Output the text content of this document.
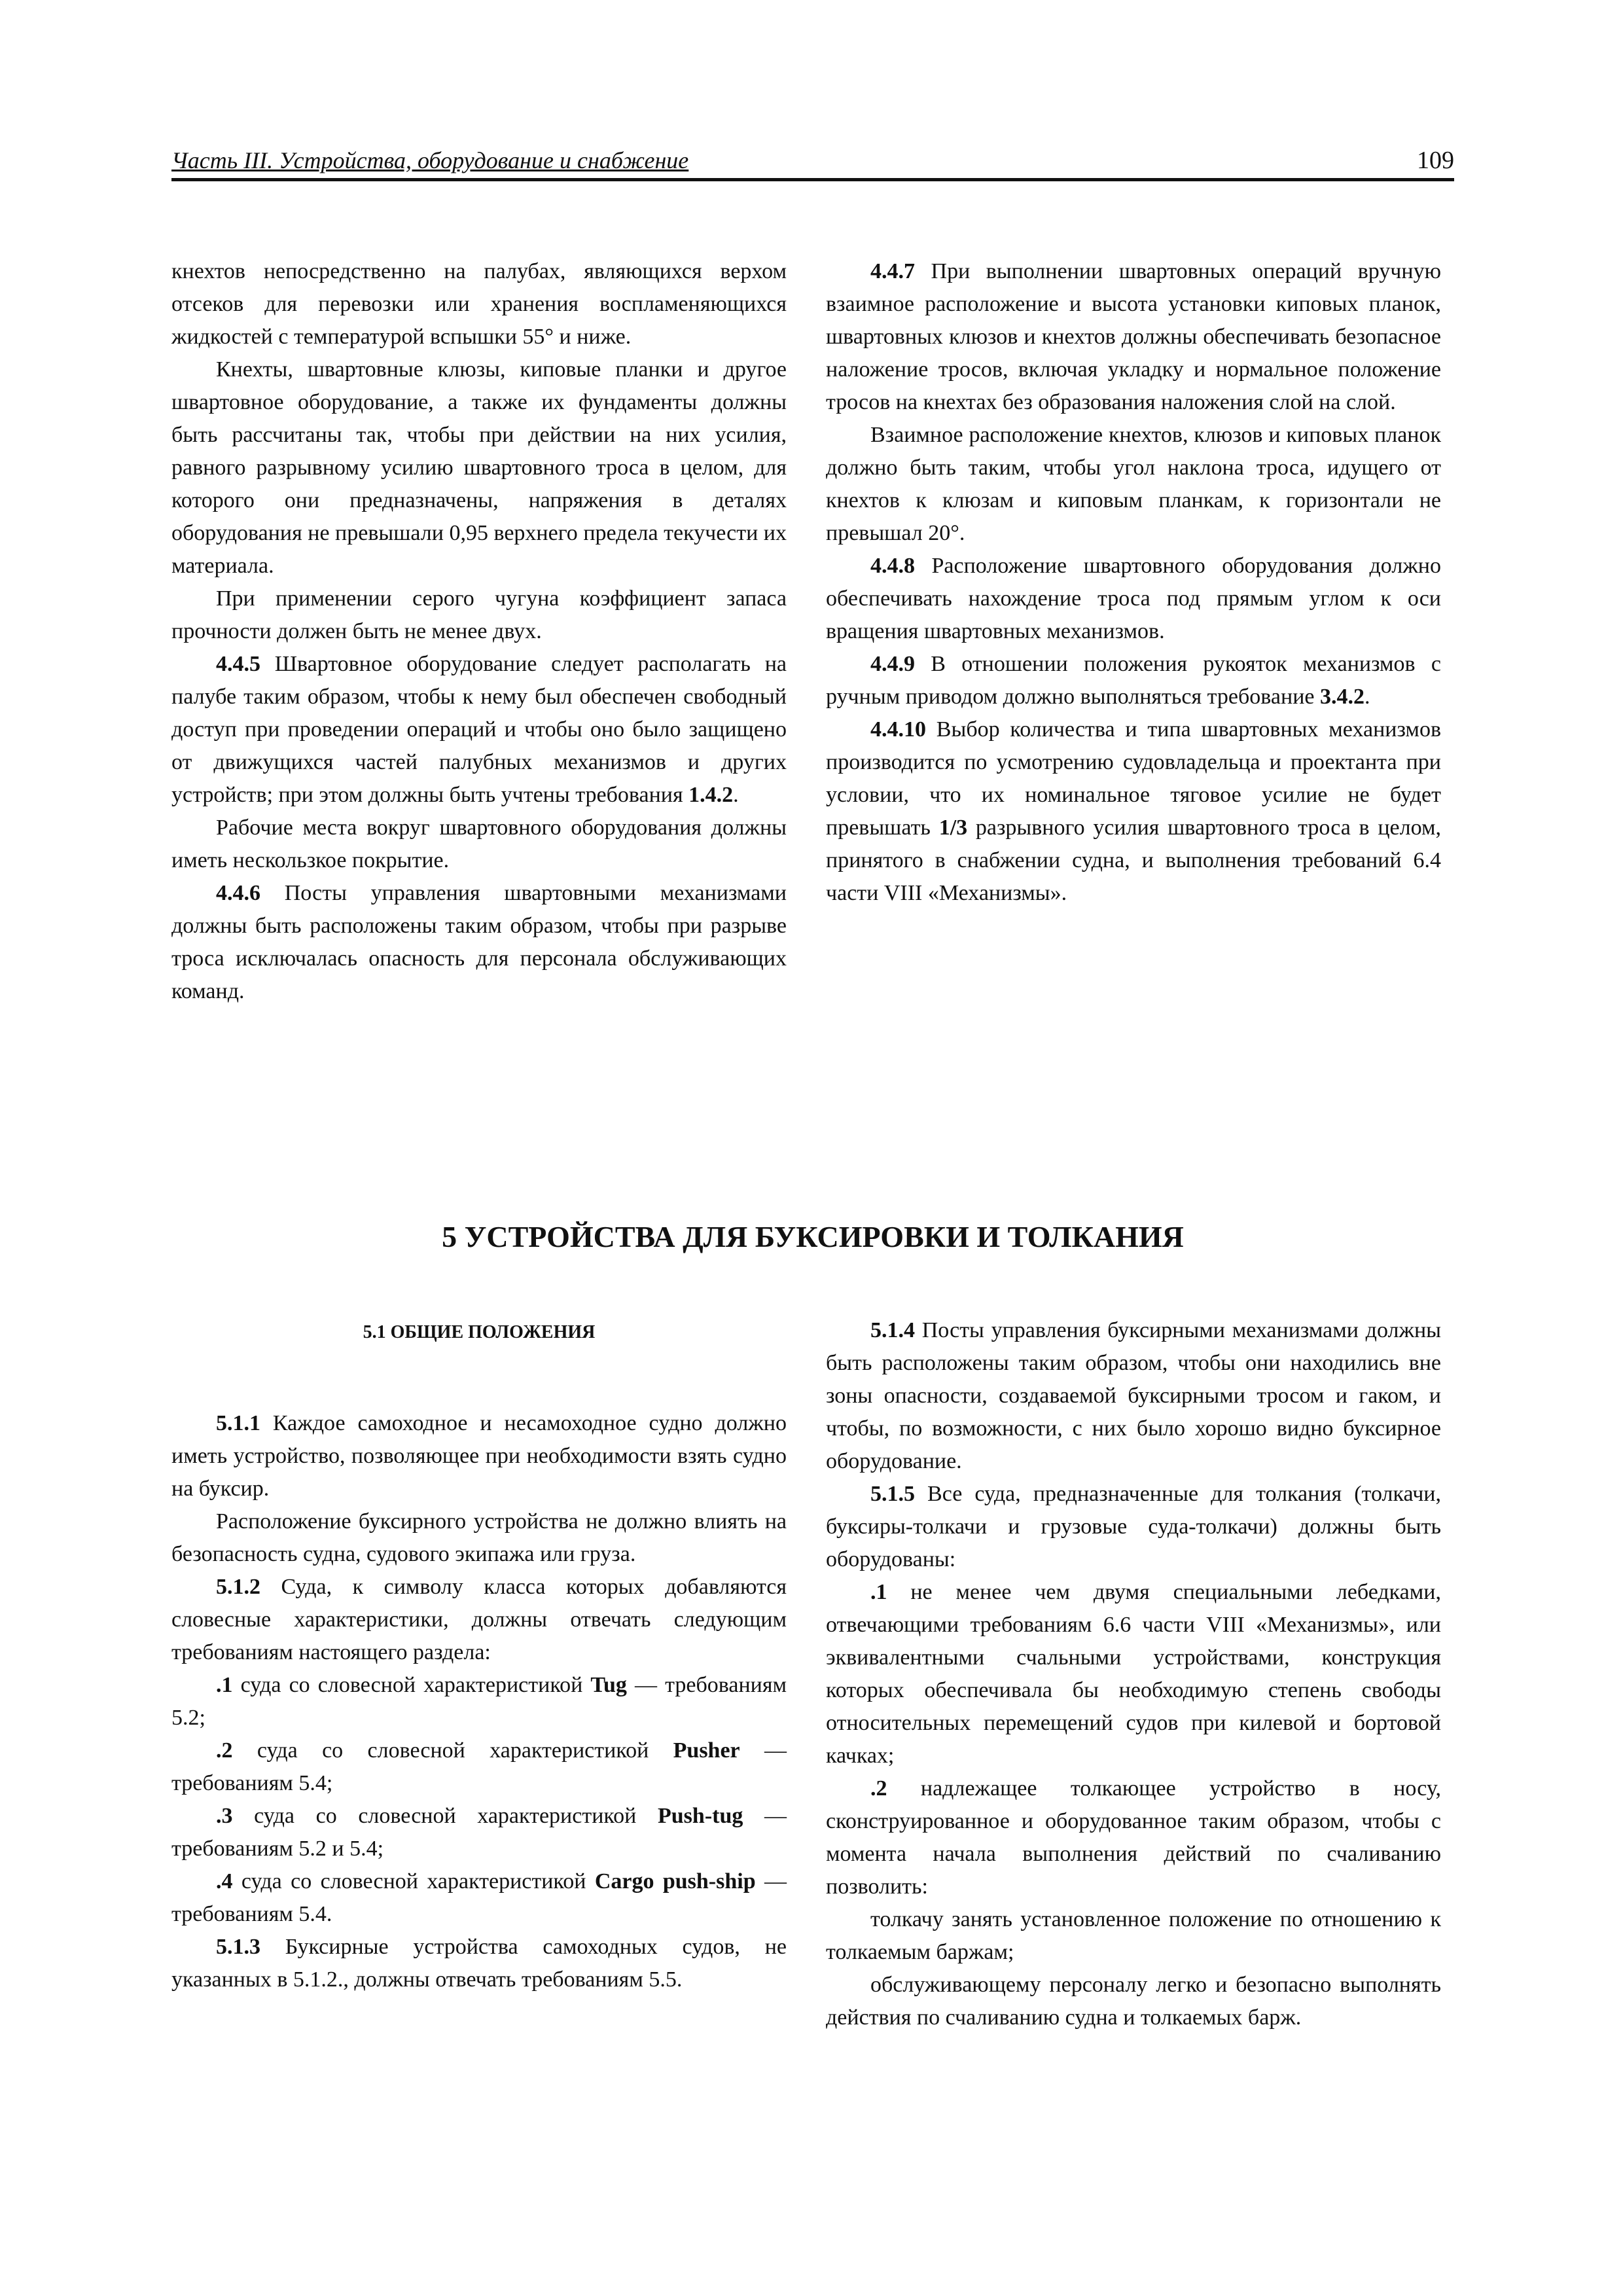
Часть ІІІ. Устройства, оборудование и снабжение	109

кнехтов непосредственно на палубах, являющихся верхом отсеков для перевозки или хранения воспламеняющихся жидкостей с температурой вспышки 55° и ниже.

Кнехты, швартовные клюзы, киповые планки и другое швартовное оборудование, а также их фундаменты должны быть рассчитаны так, чтобы при действии на них усилия, равного разрывному усилию швартовного троса в целом, для которого они предназначены, напряжения в деталях оборудования не превышали 0,95 верхнего предела текучести их материала.

При применении серого чугуна коэффициент запаса прочности должен быть не менее двух.

4.4.5 Швартовное оборудование следует располагать на палубе таким образом, чтобы к нему был обеспечен свободный доступ при проведении операций и чтобы оно было защищено от движущихся частей палубных механизмов и других устройств; при этом должны быть учтены требования 1.4.2.

Рабочие места вокруг швартовного оборудования должны иметь нескользкое покрытие.

4.4.6 Посты управления швартовными механизмами должны быть расположены таким образом, чтобы при разрыве троса исключалась опасность для персонала обслуживающих команд.

4.4.7 При выполнении швартовных операций вручную взаимное расположение и высота установки киповых планок, швартовных клюзов и кнехтов должны обеспечивать безопасное наложение тросов, включая укладку и нормальное положение тросов на кнехтах без образования наложения слой на слой.

Взаимное расположение кнехтов, клюзов и киповых планок должно быть таким, чтобы угол наклона троса, идущего от кнехтов к клюзам и киповым планкам, к горизонтали не превышал 20°.

4.4.8 Расположение швартовного оборудования должно обеспечивать нахождение троса под прямым углом к оси вращения швартовных механизмов.

4.4.9 В отношении положения рукояток механизмов с ручным приводом должно выполняться требование 3.4.2.

4.4.10 Выбор количества и типа швартовных механизмов производится по усмотрению судовладельца и проектанта при условии, что их номинальное тяговое усилие не будет превышать 1/3 разрывного усилия швартовного троса в целом, принятого в снабжении судна, и выполнения требований 6.4 части VIII «Механизмы».

5 УСТРОЙСТВА ДЛЯ БУКСИРОВКИ И ТОЛКАНИЯ
5.1 ОБЩИЕ ПОЛОЖЕНИЯ

5.1.1 Каждое самоходное и несамоходное судно должно иметь устройство, позволяющее при необходимости взять судно на буксир.

Расположение буксирного устройства не должно влиять на безопасность судна, судового экипажа или груза.

5.1.2 Суда, к символу класса которых добавляются словесные характеристики, должны отвечать следующим требованиям настоящего раздела:

.1 суда со словесной характеристикой Tug — требованиям 5.2;

.2 суда со словесной характеристикой Pusher — требованиям 5.4;

.3 суда со словесной характеристикой Push-tug — требованиям 5.2 и 5.4;

.4 суда со словесной характеристикой Cargo push-ship — требованиям 5.4.

5.1.3 Буксирные устройства самоходных судов, не указанных в 5.1.2., должны отвечать требованиям 5.5.

5.1.4 Посты управления буксирными механизмами должны быть расположены таким образом, чтобы они находились вне зоны опасности, создаваемой буксирными тросом и гаком, и чтобы, по возможности, с них было хорошо видно буксирное оборудование.

5.1.5 Все суда, предназначенные для толкания (толкачи, буксиры-толкачи и грузовые суда-толкачи) должны быть оборудованы:

.1 не менее чем двумя специальными лебедками, отвечающими требованиям 6.6 части VIII «Механизмы», или эквивалентными счальными устройствами, конструкция которых обеспечивала бы необходимую степень свободы относительных перемещений судов при килевой и бортовой качках;

.2 надлежащее толкающее устройство в носу, сконструированное и оборудованное таким образом, чтобы с момента начала выполнения действий по счаливанию позволить:

толкачу занять установленное положение по отношению к толкаемым баржам;

обслуживающему персоналу легко и безопасно выполнять действия по счаливанию судна и толкаемых барж.
